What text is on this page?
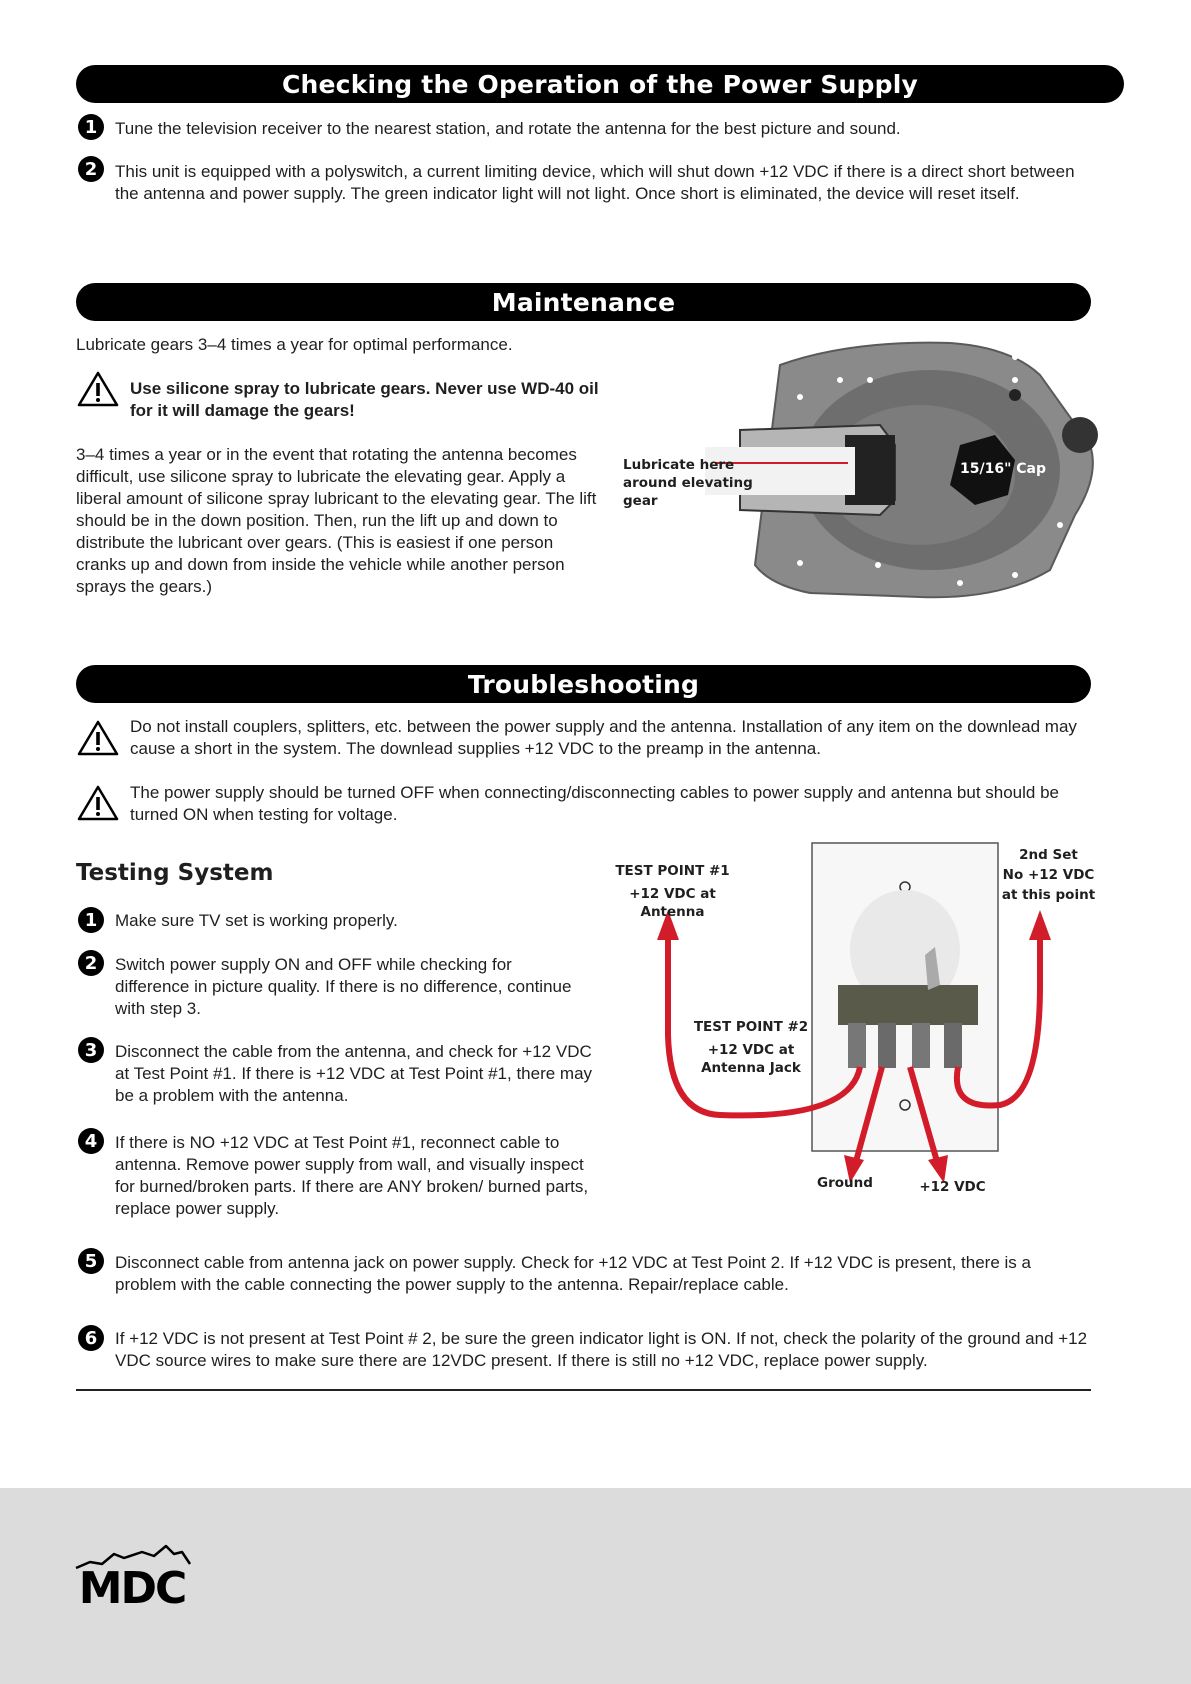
Checking the Operation of the Power Supply
1 Tune the television receiver to the nearest station, and rotate the antenna for the best picture and sound.
2 This unit is equipped with a polyswitch, a current limiting device, which will shut down +12 VDC if there is a direct short between the antenna and power supply. The green indicator light will not light. Once short is eliminated, the device will reset itself.
Maintenance
Lubricate gears 3–4 times a year for optimal performance.
Use silicone spray to lubricate gears. Never use WD-40 oil for it will damage the gears!
3–4 times a year or in the event that rotating the antenna becomes difficult, use silicone spray to lubricate the elevating gear. Apply a liberal amount of silicone spray lubricant to the elevating gear. The lift should be in the down position. Then, run the lift up and down to distribute the lubricant over gears. (This is easiest if one person cranks up and down from inside the vehicle while another person sprays the gears.)
15/16" Cap
Lubricate here around elevating gear
Troubleshooting
Do not install couplers, splitters, etc. between the power supply and the antenna. Installation of any item on the downlead may cause a short in the system. The downlead supplies +12 VDC to the preamp in the antenna.
The power supply should be turned OFF when connecting/disconnecting cables to power supply and antenna but should be turned ON when testing for voltage.
Testing System
1 Make sure TV set is working properly.
2 Switch power supply ON and OFF while checking for difference in picture quality. If there is no difference, continue with step 3.
3 Disconnect the cable from the antenna, and check for +12 VDC at Test Point #1. If there is +12 VDC at Test Point #1, there may be a problem with the antenna.
4 If there is NO +12 VDC at Test Point #1, reconnect cable to antenna. Remove power supply from wall, and visually inspect for burned/broken parts. If there are ANY broken/ burned parts, replace power supply.
TEST POINT #1
+12 VDC at Antenna
TEST POINT #2
+12 VDC at
Antenna Jack
2nd Set
No +12 VDC
at this point
Ground	+12 VDC
5 Disconnect cable from antenna jack on power supply. Check for +12 VDC at Test Point 2. If +12 VDC is present, there is a problem with the cable connecting the power supply to the antenna. Repair/replace cable.
6 If +12 VDC is not present at Test Point # 2, be sure the green indicator light is ON. If not, check the polarity of the ground and +12 VDC source wires to make sure there are 12VDC present. If there is still no +12 VDC, replace power supply.
MDC
